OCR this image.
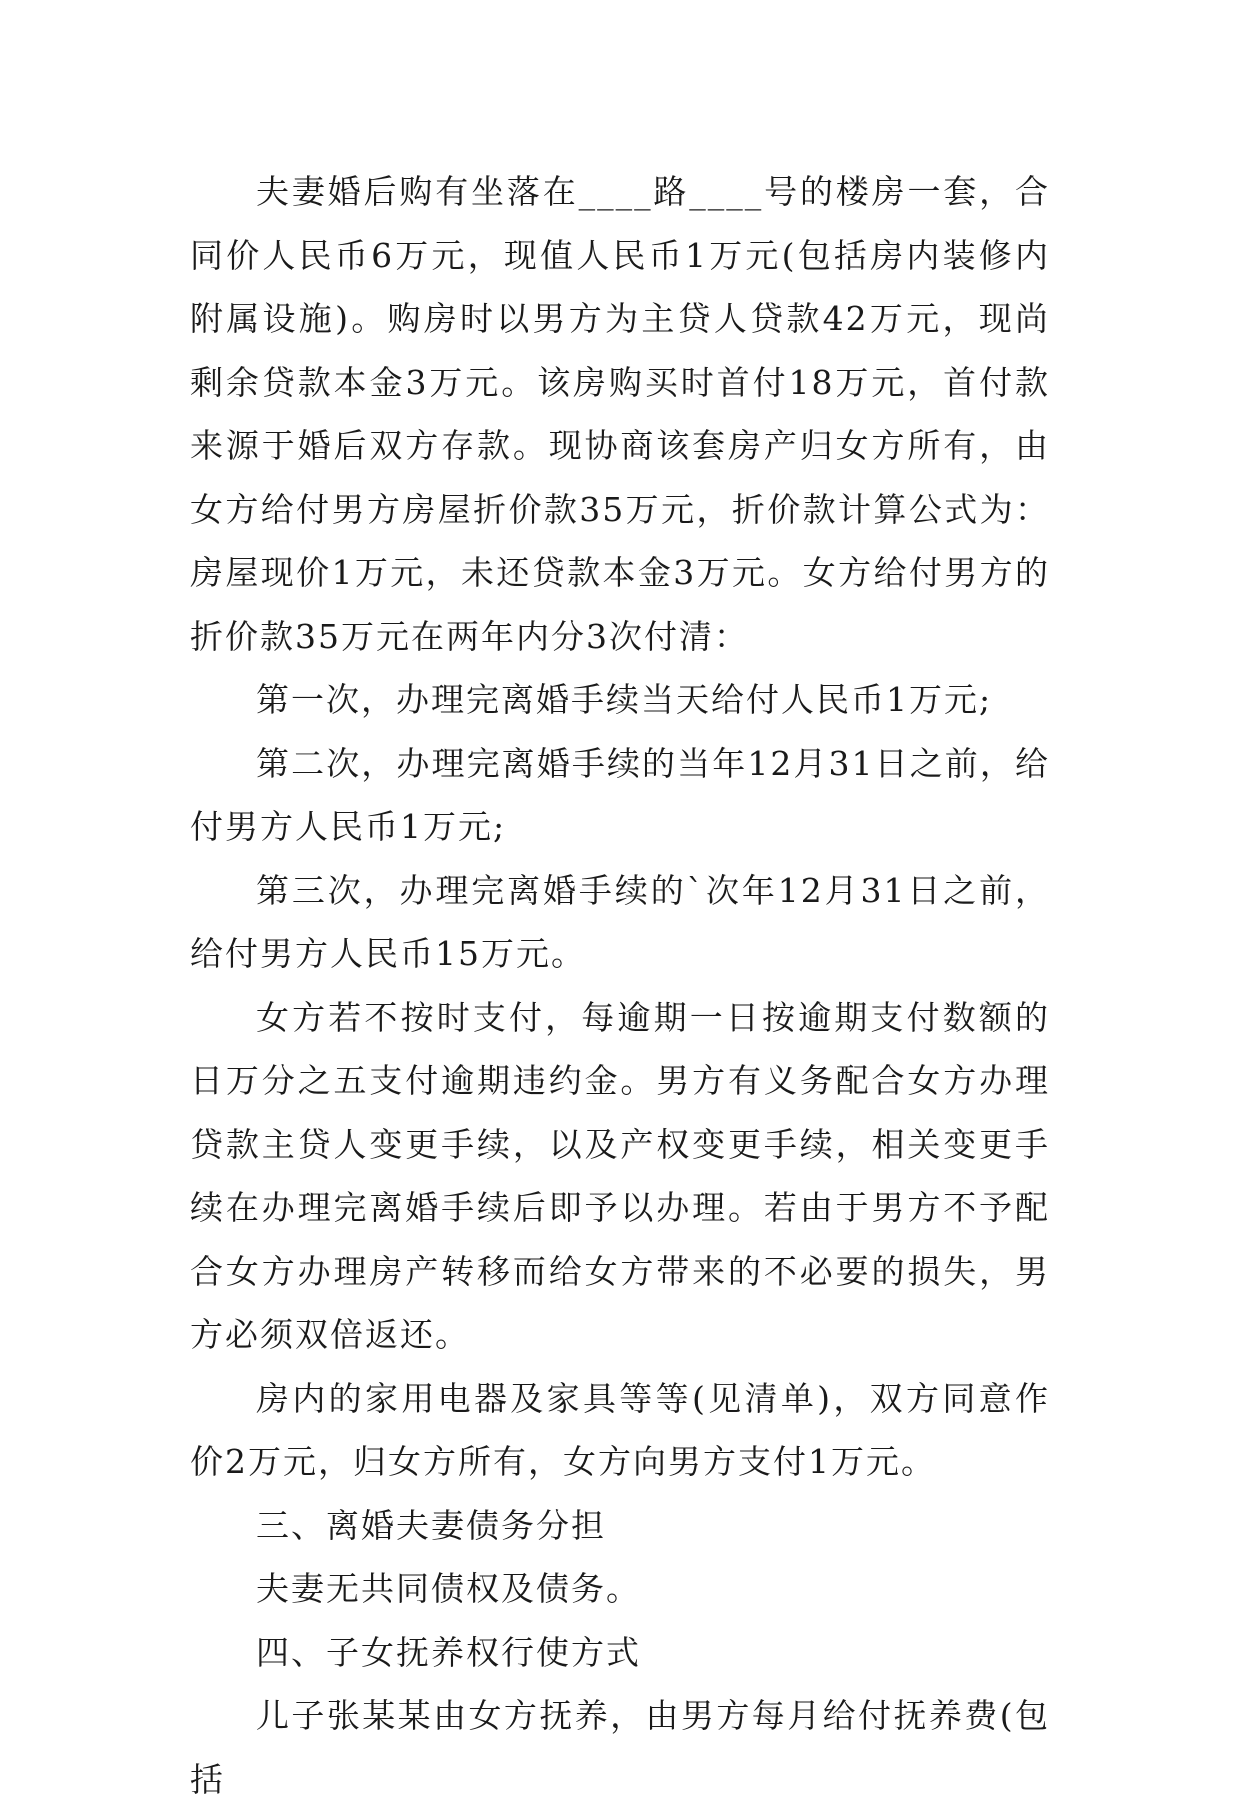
夫妻婚后购有坐落在____路____号的楼房一套，合同价人民币6万元，现值人民币1万元(包括房内装修内附属设施)。购房时以男方为主贷人贷款42万元，现尚剩余贷款本金3万元。该房购买时首付18万元，首付款来源于婚后双方存款。现协商该套房产归女方所有，由女方给付男方房屋折价款35万元，折价款计算公式为：房屋现价1万元，未还贷款本金3万元。女方给付男方的折价款35万元在两年内分3次付清：

第一次，办理完离婚手续当天给付人民币1万元;

第二次，办理完离婚手续的当年12月31日之前，给付男方人民币1万元;

第三次，办理完离婚手续的`次年12月31日之前，给付男方人民币15万元。

女方若不按时支付，每逾期一日按逾期支付数额的日万分之五支付逾期违约金。男方有义务配合女方办理贷款主贷人变更手续，以及产权变更手续，相关变更手续在办理完离婚手续后即予以办理。若由于男方不予配合女方办理房产转移而给女方带来的不必要的损失，男方必须双倍返还。

房内的家用电器及家具等等(见清单)，双方同意作价2万元，归女方所有，女方向男方支付1万元。

三、离婚夫妻债务分担

夫妻无共同债权及债务。

四、子女抚养权行使方式

儿子张某某由女方抚养，由男方每月给付抚养费(包括
